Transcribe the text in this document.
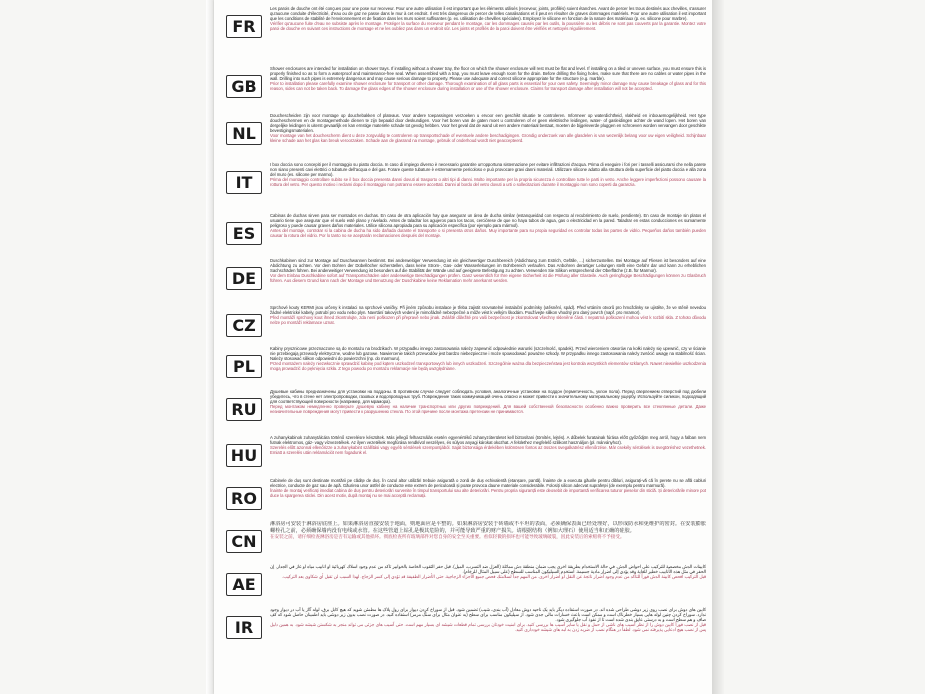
FR

Les parois de douche ont été conçues pour une pose sur receveur. Pour une autre utilisation il est important que les éléments utilisés (receveur, joints, profilés) soient étanches. Avant de percer les trous destinés aux chevilles, s'assurer qu'aucune conduite d'électricité, d'eau ou de gaz ne passe dans le mur à cet endroit. Il est très dangereux de percer de telles canalisations et il peut en résulter de graves dommages matériels. Pour une autre utilisation il est important que les conditions de stabilité de l'environnement et de fixation dans les murs soient suffisantes (p. ex. utilisation de chevilles spéciales). Employez le silicone en fonction de la nature des matériaux (p. ex. silicone pour marbre).

Vérifier qu'aucune fuite d'eau ne subsiste après le montage. Protéger la surface du receveur pendant le montage, car les dommages causés par les outils, la poussière ou les débris ne sont pas couverts par la garantie. Montez votre paroi de douche en suivant ces instructions de montage et ne les oubliez pas dans un endroit sûr. Les joints et profilés de la paroi doivent être vérifiés et nettoyés régulièrement.

GB

Shower enclosures are intended for installation on shower trays. If installing without a shower tray, the floor on which the shower enclosure will rest must be flat and level. If installing on a tiled or uneven surface, you must ensure this is properly finished so as to form a waterproof and maintenance-free seal. When assembled with a trap, you must leave enough room for the drain. Before drilling the fixing holes, make sure that there are no cables or water pipes in the wall. Drilling into such pipes is extremely dangerous and may cause serious damage to property. Please use adequate and correct silicone appropriate for the structure (e.g. marble).

Prior to installation please carefully examine shower enclosure for transport or other damage. Thorough examination of all glass parts is essential for your own safety. Seemingly minor damage may cause breakage of glass and for this reason, sides can not be taken back. To damage the glass edges of the shower enclosure during installation or use of the shower enclosure. Claims for transport damage after installation will not be accepted.

NL

Douchescheiden zijn voor montage op douchebakken of plateaus. Voor andere toepassingen verzoeken u ervoor een geschikt situatie te controleren. Informeer op waterdichtheid, vlakheid en inbouwmogelijkheid. Het type doucheschermen en de montagemethode dienen te zijn bepaald door deskundigen. Voor het boren van de gaten moet u controleren of er geen elektrische leidingen, water- of gasleidingen achter de wand lopen. Het boren van dergelijke leidingen is uiterst gevaarlijk en kan ernstige materiële schade tot gevolg hebben. Voor het geval dat de wand uit een andere materiaal bestaat, moeten de bijgeleverde pluggen en schroeven worden vervangen door geschikte bevestigingsmaterialen.

Voor montage van het douchescherm dient u deze zorgvuldig te controleren op transportschade of eventuele andere beschadigingen. Grondig onderzoek van alle glasdelen is van wezenlijk belang voor uw eigen veiligheid. Schijnbaar kleine schade aan het glas kan breuk veroorzaken. Schade aan de glasrand na montage, gebruik of onderhoud wordt niet geaccepteerd.

IT

I box doccia sono concepiti per il montaggio su piatto doccia. In caso di impiego diverso è necessario garantire un'opportuna sistemazione per evitare infiltrazioni d'acqua. Prima di eseguire i fori per i tasselli assicurarsi che nella parete non siano presenti cavi elettrici o tubature dell'acqua e del gas. Forare queste tubature è estremamente pericoloso e può provocare gravi danni materiali. Utilizzare silicone adatto alla struttura della superficie del piatto doccia e alla zona del muro (es. silicone per marmo).

Prima del montaggio controllare subito se il box doccia presenta danni dovuti al trasporto o altri tipi di danni. Molto importante per la propria sicurezza è controllare tutte le parti in vetro. Anche leggere imperfezioni possono causare la rottura del vetro. Per questo motivo i reclami dopo il montaggio non potranno essere accettati. Danni al bordo del vetro dovuti a urti o sollecitazioni durante il montaggio non sono coperti da garanzia.

ES

Cabinas de duchas sirven para ser montados en duchas. En caso de otra aplicación hay que asegurar un área de ducha similar (estanqueidad con respecto al recubrimiento de suelo, pendiente). En caso de montaje sin platos el usuario tiene que asegurar que el suelo esté plano y nivelado. Antes de taladrar los agujeros para los tacos, cerciórese de que no haya tubos de agua, gas o electricidad en la pared. Taladrar en estas conducciones es sumamente peligroso y puede causar graves daños materiales. Utilice silicona apropiada para su aplicación específica (por ejemplo para mármol).

Antes del montaje, controlar si la cabina de ducha ha sido dañada durante el transporte o si presenta otros daños. Muy importante para su propia seguridad es controlar todas las partes de vidrio. Pequeños daños también pueden causar la rotura del vidrio. Por lo tanto no se aceptarán reclamaciones después del montaje.

DE

Duschkabinen sind zur Montage auf Duschwannen bestimmt. Bei anderweitiger Verwendung ist ein gleichwertiger Duschbereich (Abdichtung zum Estrich, Gefälle, ...) sicherzustellen. Bei Montage auf Fliesen ist besonders auf eine Abdichtung zu achten. Vor dem Bohren der Dübellöcher sicherstellen, dass keine Strom-, Gas- oder Wasserleitungen im Bohrbereich verlaufen. Das Anbohren derartiger Leitungen stellt eine Gefahr dar und kann zu erheblichen Sachschäden führen. Bei anderweitiger Verwendung ist besonders auf die Stabilität der Wände und auf geeignete Befestigung zu achten. Verwenden Sie Silikon entsprechend der Oberfläche (z.B. für Marmor).

Vor dem Einbau Duschkabine sofort auf Transportschäden oder anderweitige Beschädigungen prüfen. Ganz wesentlich für Ihre eigene Sicherheit ist die Prüfung aller Glasteile. Auch geringfügige Beschädigungen können zu Glasbruch führen. Aus diesem Grund kann nach der Montage und Benutzung der Duschkabine keine Reklamation mehr anerkannt werden.

CZ

Sprchové kouty KERMI jsou určeny k instalaci na sprchové vaničky. Při jiném způsobu instalace je třeba zajistit srovnatelné instalační podmínky (utěsnění, spád). Před vrtáním otvorů pro hmoždinky se ujistěte, že ve stěně nevedou žádné elektrické kabely, potrubí pro vodu nebo plyn. Navrtání takových vedení je mimořádně nebezpečné a může vést k velkým škodám. Používejte silikon vhodný pro daný povrch (např. pro mramor).

Před montáží sprchový kout ihned zkontrolujte, zda není poškozen při přepravě nebo jinak. Zvláště důležité pro vaši bezpečnost je zkontrolovat všechny skleněné části. I nepatrná poškození mohou vést k rozbití skla. Z tohoto důvodu nelze po montáži reklamace uznat.

PL

Kabiny prysznicowe przeznaczone są do montażu na brodzikach. W przypadku innego zastosowania należy zapewnić odpowiednie warunki (szczelność, spadek). Przed wierceniem otworów na kołki należy się upewnić, czy w ścianie nie przebiegają przewody elektryczne, wodne lub gazowe. Nawiercenie takich przewodów jest bardzo niebezpieczne i może spowodować poważne szkody. W przypadku innego zastosowania należy zwrócić uwagę na stabilność ścian. Należy stosować silikon odpowiedni do powierzchni (np. do marmuru).

Przed montażem należy niezwłocznie sprawdzić kabinę pod kątem uszkodzeń transportowych lub innych uszkodzeń. Szczególnie ważna dla bezpieczeństwa jest kontrola wszystkich elementów szklanych. Nawet niewielkie uszkodzenia mogą prowadzić do pęknięcia szkła. Z tego powodu po montażu reklamacje nie będą uwzględniane.

RU

Душевые кабины предназначены для установки на поддоны. В противном случае следует соблюдать условия, аналогичные установке на поддон (герметичность, уклон пола). Перед сверлением отверстий под дюбели убедитесь, что в стене нет электропроводки, газовых и водопроводных труб. Повреждение таких коммуникаций очень опасно и может привести к значительному материальному ущербу. Используйте силикон, подходящий для соответствующей поверхности (например, для мрамора).

Перед монтажом немедленно проверьте душевую кабину на наличие транспортных или других повреждений. Для вашей собственной безопасности особенно важно проверить все стеклянные детали. Даже незначительные повреждения могут привести к разрушению стекла. По этой причине после монтажа претензии не принимаются.

HU

A zuhanykabinok zuhanytálcára történő szerelésre készültek. Más jellegű felhasználás esetén egyenértékű zuhanyzóterületet kell biztosítani (tömítés, lejtés). A dűbelek furatainak fúrása előtt győződjön meg arról, hogy a falban nem futnak elektromos, gáz- vagy vízvezetékek. Az ilyen vezetékek megfúrása rendkívül veszélyes, és súlyos anyagi károkat okozhat. A felülethez megfelelő szilikont használjon (pl. márványhoz).

Szerelés előtt azonnal ellenőrizze a zuhanykabint szállítási vagy egyéb sérülések szempontjából. Saját biztonsága érdekében különösen fontos az összes üvegalkatrész ellenőrzése. Már csekély sérülések is üvegtöréshez vezethetnek. Emiatt a szerelés után reklamációt nem fogadunk el.

RO

Cabinele de duș sunt destinate montării pe cădițe de duș. În cazul altor utilizări trebuie asigurată o zonă de duș echivalentă (etanșare, pantă). Înainte de a executa găurile pentru dibluri, asigurați-vă că în perete nu se află cabluri electrice, conducte de gaz sau de apă. Găurirea unor astfel de conducte este extrem de periculoasă și poate provoca daune materiale considerabile. Folosiți silicon adecvat suprafeței (de exemplu pentru marmură).

Înainte de montaj verificați imediat cabina de duș pentru deteriorări survenite în timpul transportului sau alte deteriorări. Pentru propria siguranță este deosebit de importantă verificarea tuturor pieselor din sticlă. Și deteriorările minore pot duce la spargerea sticlei. Din acest motiv, după montaj nu se mai acceptă reclamații.

CN

淋浴房可安装于淋浴房底座上。如果淋浴房直接安装于地面，则地面应是平整的。如果淋浴房安装于砖墙或不平坦的表面，必须确保表面已经处理好，以形成防水和免维护的密封。在安装膨胀螺栓孔之前，必须确保墙内没有电线或水管。在这些管道上钻孔是极其危险的，并可能导致严重的财产损失。请根据结构（例如大理石）使用适当和正确的硅胶。

在安装之前，请仔细检查淋浴房是否有运输或其他损坏。彻底检查所有玻璃部件对您自身的安全至关重要。看似轻微的损坏也可能导致玻璃破裂，因此安装后的索赔将不予接受。

AE

كابينات الدش مخصصة للتركيب على أحواض الدش. في حالة الاستخدام بطريقة أخرى يجب ضمان منطقة دش مماثلة (العزل ضد التسرب، الميل). قبل حفر الثقوب الخاصة بالخوابير تأكد من عدم وجود أسلاك كهربائية أو أنابيب مياه أو غاز في الجدار. إن الحفر في مثل هذه الأنابيب خطير للغاية وقد يؤدي إلى أضرار مادية جسيمة. استخدم السيليكون المناسب للسطح (على سبيل المثال للرخام).

قبل التركيب افحص كابينة الدش فوراً للتأكد من عدم وجود أضرار ناتجة عن النقل أو أضرار أخرى. من المهم جداً لسلامتك فحص جميع الأجزاء الزجاجية. حتى الأضرار الطفيفة قد تؤدي إلى كسر الزجاج. لهذا السبب لن تقبل أي شكاوى بعد التركيب.

IR

کابین های دوش برای نصب روی زیر دوشی طراحی شده اند. در صورت استفاده دیگر باید یک ناحیه دوش معادل (آب بندی، شیب) تضمین شود. قبل از سوراخ کردن دیوار برای رول پلاک ها مطمئن شوید که هیچ کابل برق، لوله گاز یا آب در دیوار وجود ندارد. سوراخ کردن چنین لوله هایی بسیار خطرناک است و ممکن است باعث خسارات مالی جدی شود. از سیلیکون مناسب برای سطح (به عنوان مثال برای سنگ مرمر) استفاده کنید. در صورت نصب بدون زیر دوشی باید اطمینان حاصل شود که کف صاف و هم سطح است و به درستی عایق بندی شده است تا از نفوذ آب جلوگیری شود.

قبل از نصب فوراً کابین دوش را از نظر آسیب های ناشی از حمل و نقل یا سایر آسیب ها بررسی کنید. برای امنیت خودتان بررسی تمام قطعات شیشه ای بسیار مهم است. حتی آسیب های جزئی می تواند منجر به شکستن شیشه شود. به همین دلیل پس از نصب هیچ ادعایی پذیرفته نمی شود. لطفاً در هنگام نصب از ضربه زدن به لبه های شیشه خودداری کنید.
